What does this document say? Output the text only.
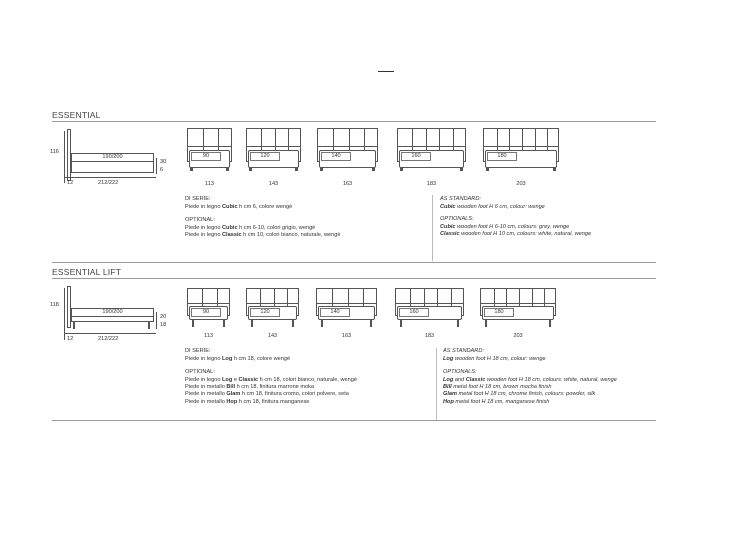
ESSENTIAL
116
190/200
30
6
12	212/222
90
113
120
143
140
163
160
183
180
203
DI SERIE:
Piede in legno Cubic h cm 6, colore wengè
OPTIONAL:
Piede in legno Cubic h cm 6-10, colori grigio, wengè
Piede in legno Classic h cm 10, colori bianco, naturale, wengè
AS STANDARD:
Cubic wooden foot H 6 cm, colour: wenge
OPTIONALS:
Cubic wooden foot H 6-10 cm, colours: grey, wenge
Classic wooden foot H 10 cm, colours: white, natural, wenge
ESSENTIAL LIFT
118
190/200
20
18
12	212/222
90
113
120
143
140
163
160
183
180
203
DI SERIE:
Piede in legno Log h cm 18, colore wengè
OPTIONAL:
Piede in legno Log e Classic h cm 18, colori bianco, naturale, wengè
Piede in metallo Bill h cm 18, finitura marrone moka
Piede in metallo Glam h cm 18, finitura cromo, colori polvere, seta
Piede in metallo Hop h cm 18, finitura manganese
AS STANDARD:
Log wooden foot H 18 cm, colour: wenge
OPTIONALS:
Log and Classic wooden foot H 18 cm, colours: white, natural, wenge
Bill metal foot H 18 cm, brown mocha finish
Glam metal foot H 18 cm, chrome finish, colours: powder, silk
Hop metal foot H 18 cm, manganese finish
